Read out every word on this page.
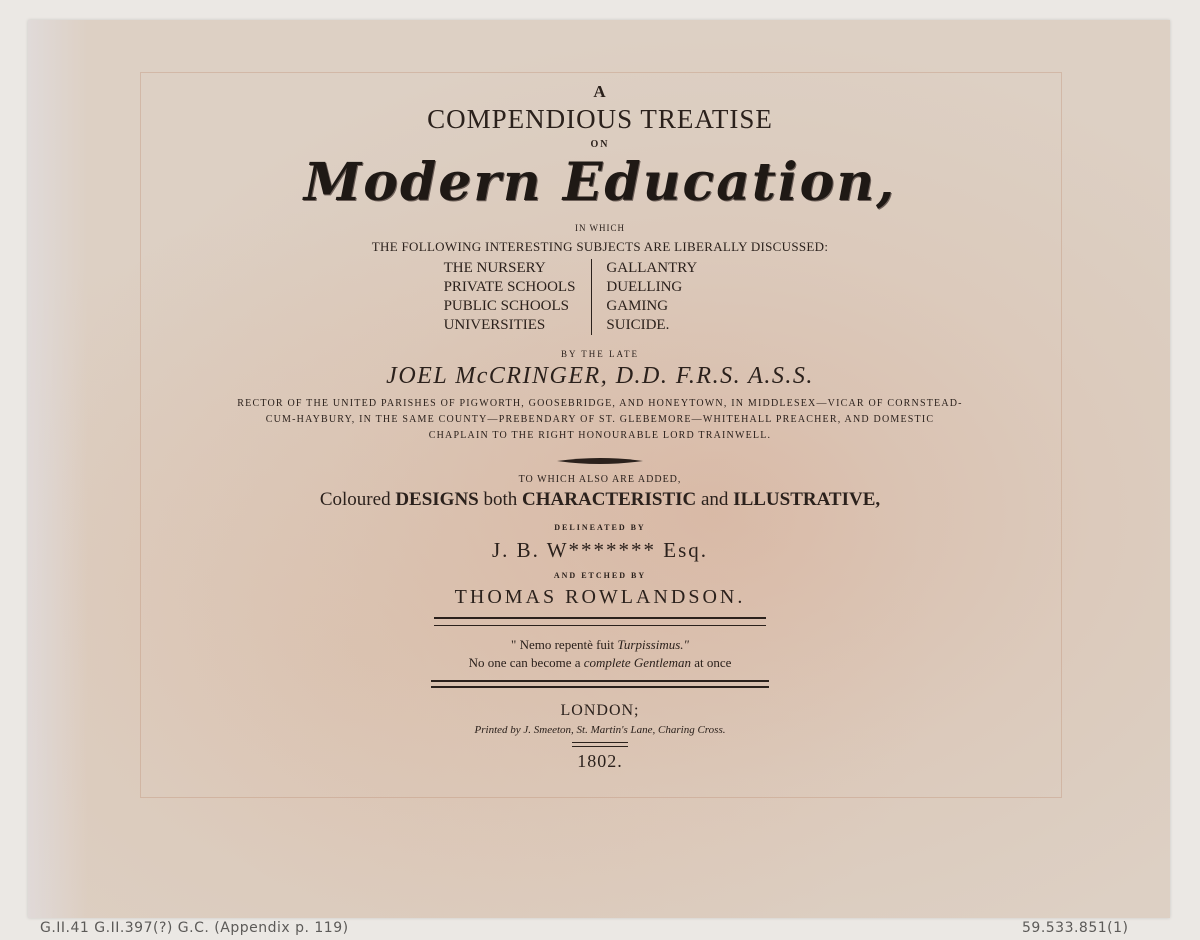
A
COMPENDIOUS TREATISE
ON
Modern Education,
IN WHICH
THE FOLLOWING INTERESTING SUBJECTS ARE LIBERALLY DISCUSSED:
THE NURSERY
PRIVATE SCHOOLS
PUBLIC SCHOOLS
UNIVERSITIES
GALLANTRY
DUELLING
GAMING
SUICIDE.
BY THE LATE
JOEL McCRINGER, D.D. F.R.S. A.S.S.
RECTOR OF THE UNITED PARISHES OF PIGWORTH, GOOSEBRIDGE, AND HONEYTOWN, IN MIDDLESEX—VICAR OF CORNSTEAD-
CUM-HAYBURY, IN THE SAME COUNTY—PREBENDARY OF ST. GLEBEMORE—WHITEHALL PREACHER, AND DOMESTIC
CHAPLAIN TO THE RIGHT HONOURABLE LORD TRAINWELL.
TO WHICH ALSO ARE ADDED,
Coloured DESIGNS both CHARACTERISTIC and ILLUSTRATIVE,
DELINEATED BY
J. B. W******* Esq.
AND ETCHED BY
THOMAS ROWLANDSON.
" Nemo repentè fuit Turpissimus."
No one can become a complete Gentleman at once
LONDON;
Printed by J. Smeeton, St. Martin's Lane, Charing Cross.
1802.
G.II.41 G.II.397(?) G.C. (Appendix p. 119)	59.533.851(1)
